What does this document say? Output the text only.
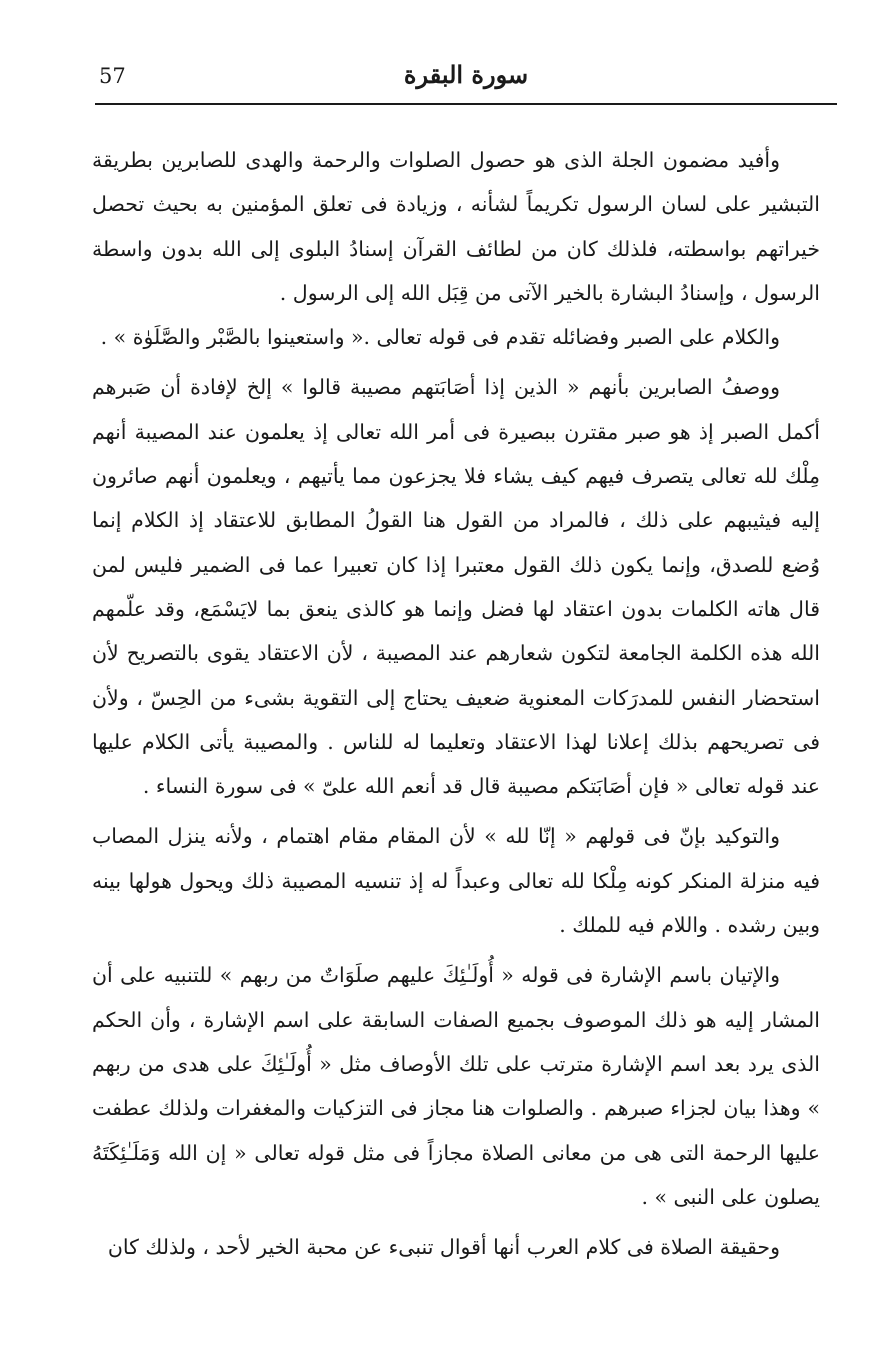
57	سورة البقرة

وأفيد مضمون الجلة الذى هو حصول الصلوات والرحمة والهدى للصابرين بطريقة التبشير على لسان الرسول تكريماً لشأنه ، وزيادة فى تعلق المؤمنين به بحيث تحصل خيراتهم بواسطته، فلذلك كان من لطائف القرآن إسنادُ البلوى إلى الله بدون واسطة الرسول ، وإسنادُ البشارة بالخير الآتى من قِبَل الله إلى الرسول .

والكلام على الصبر وفضائله تقدم فى قوله تعالى .« واستعينوا بالصَّبْر والصَّلَوٰة » .

ووصفُ الصابرين بأنهم « الذين إذا أصَابَتهم مصيبة قالوا » إلخ لإفادة أن صَبرهم أكمل الصبر إذ هو صبر مقترن ببصيرة فى أمر الله تعالى إذ يعلمون عند المصيبة أنهم مِلْك لله تعالى يتصرف فيهم كيف يشاء فلا يجزعون مما يأتيهم ، ويعلمون أنهم صائرون إليه فيثيبهم على ذلك ، فالمراد من القول هنا القولُ المطابق للاعتقاد إذ الكلام إنما وُضع للصدق، وإنما يكون ذلك القول معتبرا إذا كان تعبيرا عما فى الضمير فليس لمن قال هاته الكلمات بدون اعتقاد لها فضل وإنما هو كالذى ينعق بما لايَسْمَع، وقد علّمهم الله هذه الكلمة الجامعة لتكون شعارهم عند المصيبة ، لأن الاعتقاد يقوى بالتصريح لأن استحضار النفس للمدرَكات المعنوية ضعيف يحتاج إلى التقوية بشىء من الحِسّ ، ولأن فى تصريحهم بذلك إعلانا لهذا الاعتقاد وتعليما له للناس . والمصيبة يأتى الكلام عليها عند قوله تعالى « فإن أصَابَتكم مصيبة قال قد أنعم الله علىّ » فى سورة النساء .

والتوكيد بإنّ فى قولهم « إنّا لله » لأن المقام مقام اهتمام ، ولأنه ينزل المصاب فيه منزلة المنكر كونه مِلْكا لله تعالى وعبداً له إذ تنسيه المصيبة ذلك ويحول هولها بينه وبين رشده . واللام فيه للملك .

والإتيان باسم الإشارة فى قوله « أُولَـٰئِكَ عليهم صلَوَاتٌ من ربهم » للتنبيه على أن المشار إليه هو ذلك الموصوف بجميع الصفات السابقة على اسم الإشارة ، وأن الحكم الذى يرد بعد اسم الإشارة مترتب على تلك الأوصاف مثل « أُولَـٰئِكَ على هدى من ربهم » وهذا بيان لجزاء صبرهم . والصلوات هنا مجاز فى التزكيات والمغفرات ولذلك عطفت عليها الرحمة التى هى من معانى الصلاة مجازاً فى مثل قوله تعالى « إن الله وَمَلَـٰئِكَتَهُ يصلون على النبى » .

وحقيقة الصلاة فى كلام العرب أنها أقوال تنبىء عن محبة الخير لأحد ، ولذلك كان
